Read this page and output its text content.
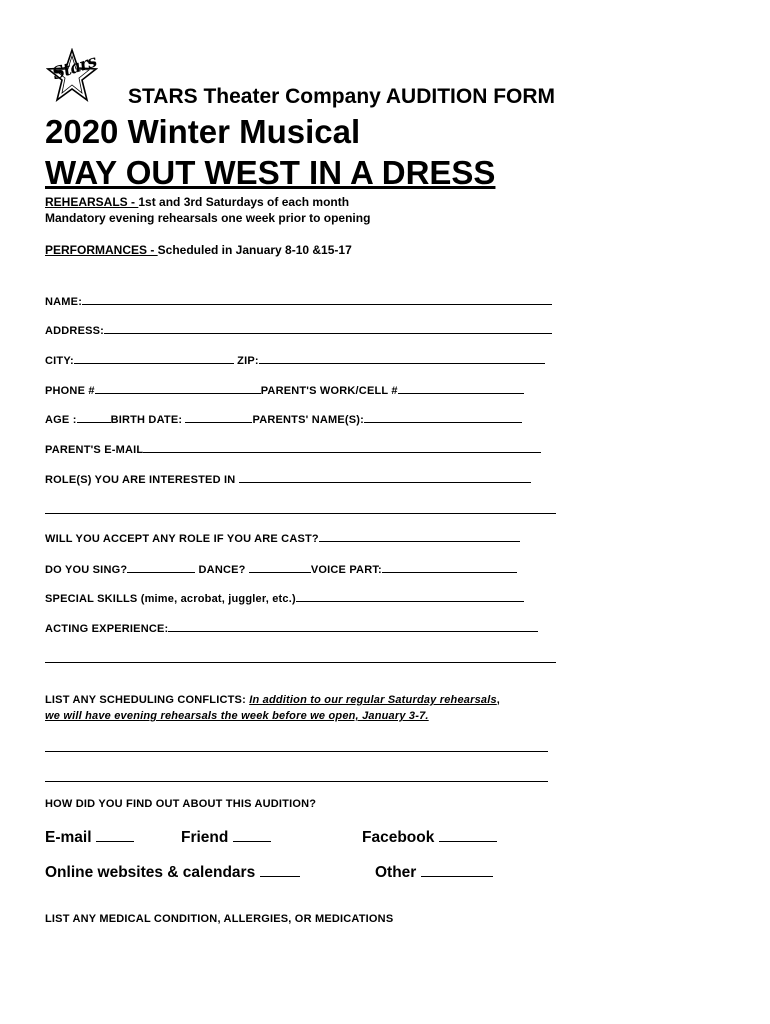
Stars
STARS Theater Company AUDITION FORM
2020 Winter Musical
WAY OUT WEST IN A DRESS
REHEARSALS - 1st and 3rd Saturdays of each month
Mandatory evening rehearsals one week prior to opening
PERFORMANCES - Scheduled in January 8-10 &15-17
NAME:
ADDRESS:
CITY:	ZIP:
PHONE #	PARENT'S WORK/CELL #
AGE :	BIRTH DATE:	PARENTS' NAME(S):
PARENT'S E-MAIL
ROLE(S) YOU ARE INTERESTED IN
WILL YOU ACCEPT ANY ROLE IF YOU ARE CAST?
DO YOU SING?	DANCE?	VOICE PART:
SPECIAL SKILLS (mime, acrobat, juggler, etc.)
ACTING EXPERIENCE:
LIST ANY SCHEDULING CONFLICTS: In addition to our regular Saturday rehearsals,
we will have evening rehearsals the week before we open, January 3-7.
HOW DID YOU FIND OUT ABOUT THIS AUDITION?
E-mail	Friend	Facebook
Online websites & calendars	Other
LIST ANY MEDICAL CONDITION, ALLERGIES, OR MEDICATIONS
